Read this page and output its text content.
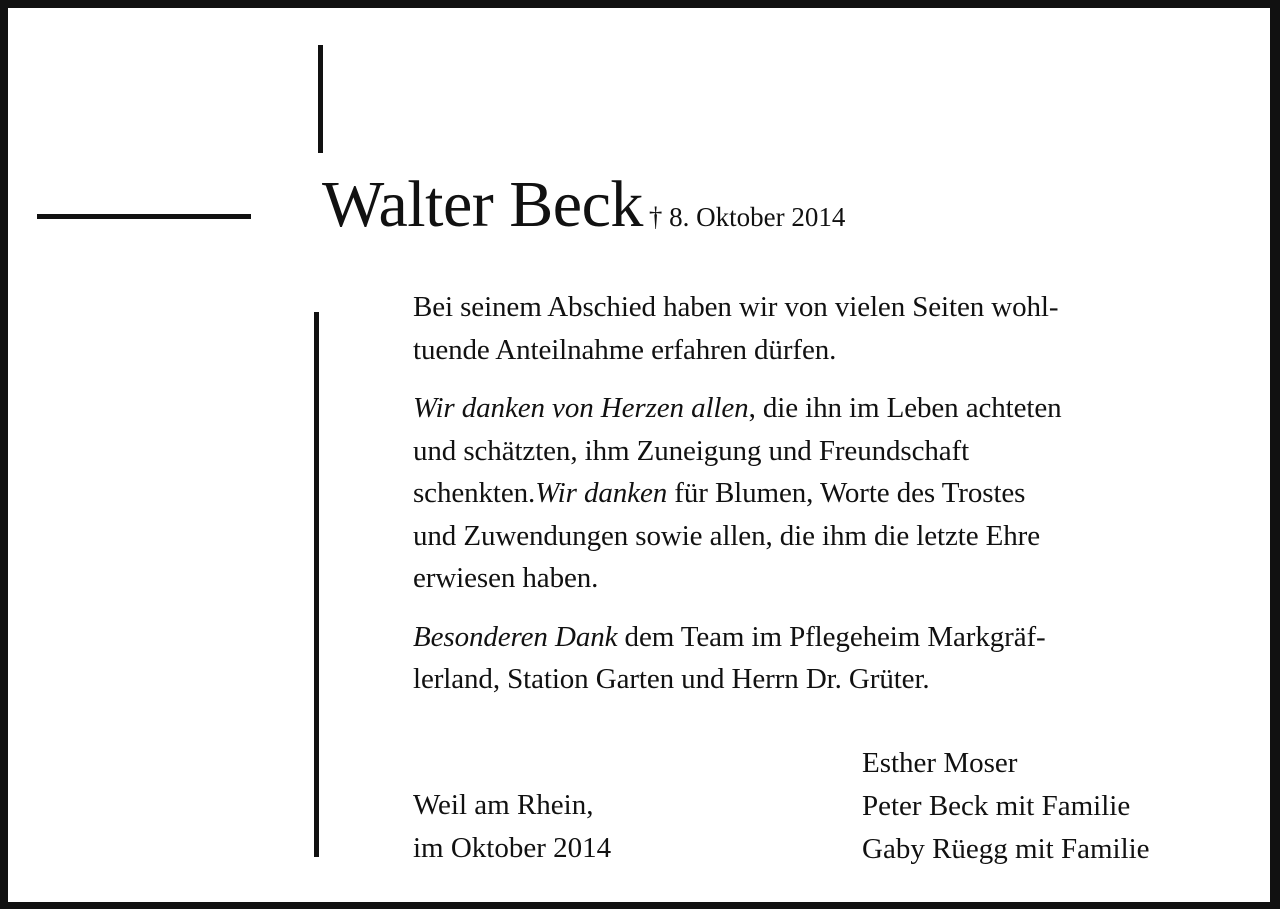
Walter Beck † 8. Oktober 2014

Bei seinem Abschied haben wir von vielen Seiten wohl-
tuende Anteilnahme erfahren dürfen.

Wir danken von Herzen allen, die ihn im Leben achteten
und schätzten, ihm Zuneigung und Freundschaft
schenkten.Wir danken für Blumen, Worte des Trostes
und Zuwendungen sowie allen, die ihm die letzte Ehre
erwiesen haben.

Besonderen Dank dem Team im Pflegeheim Markgräf-
lerland, Station Garten und Herrn Dr. Grüter.

Weil am Rhein,
im Oktober 2014
Esther Moser
Peter Beck mit Familie
Gaby Rüegg mit Familie
